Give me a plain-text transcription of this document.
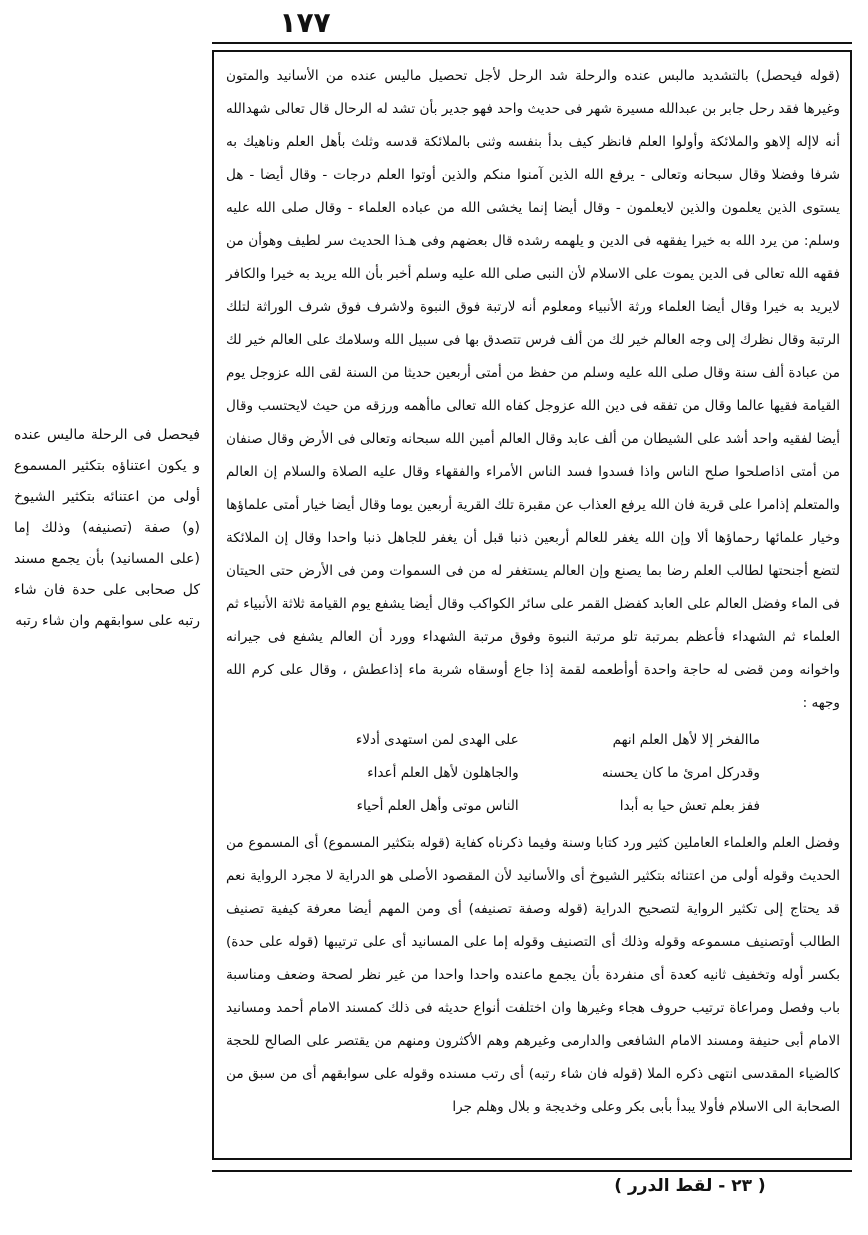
١٧٧

(قوله فيحصل) بالتشديد مالبس عنده والرحلة شد الرحل لأجل تحصيل ماليس عنده من الأسانيد والمتون وغيرها فقد رحل جابر بن عبدالله مسيرة شهر فى حديث واحد فهو جدير بأن تشد له الرحال قال تعالى شهدالله أنه لاإله إلاهو والملائكة وأولوا العلم فانظر كيف بدأ بنفسه وثنى بالملائكة قدسه وثلث بأهل العلم وناهيك به شرفا وفضلا وقال سبحانه وتعالى - يرفع الله الذين آمنوا منكم والذين أوتوا العلم درجات - وقال أيضا - هل يستوى الذين يعلمون والذين لايعلمون - وقال أيضا إنما يخشى الله من عباده العلماء - وقال صلى الله عليه وسلم: من يرد الله به خيرا يفقهه فى الدين و يلهمه رشده قال بعضهم وفى هـذا الحديث سر لطيف وهوأن من فقهه الله تعالى فى الدين يموت على الاسلام لأن النبى صلى الله عليه وسلم أخبر بأن الله يريد به خيرا والكافر لايريد به خيرا وقال أيضا العلماء ورثة الأنبياء ومعلوم أنه لارتبة فوق النبوة ولاشرف فوق شرف الوراثة لتلك الرتبة وقال نظرك إلى وجه العالم خير لك من ألف فرس تتصدق بها فى سبيل الله وسلامك على العالم خير لك من عبادة ألف سنة وقال صلى الله عليه وسلم من حفظ من أمتى أربعين حديثا من السنة لقى الله عزوجل يوم القيامة فقيها عالما وقال من تفقه فى دين الله عزوجل كفاه الله تعالى ماأهمه ورزقه من حيث لايحتسب وقال أيضا لفقيه واحد أشد على الشيطان من ألف عابد وقال العالم أمين الله سبحانه وتعالى فى الأرض وقال صنفان من أمتى اذاصلحوا صلح الناس واذا فسدوا فسد الناس الأمراء والفقهاء وقال عليه الصلاة والسلام إن العالم والمتعلم إذامرا على قرية فان الله يرفع العذاب عن مقبرة تلك القرية أربعين يوما وقال أيضا خيار أمتى علماؤها وخيار علمائها رحماؤها ألا وإن الله يغفر للعالم أربعين ذنبا قبل أن يغفر للجاهل ذنبا واحدا وقال إن الملائكة لتضع أجنحتها لطالب العلم رضا بما يصنع وإن العالم يستغفر له من فى السموات ومن فى الأرض حتى الحيتان فى الماء وفضل العالم على العابد كفضل القمر على سائر الكواكب وقال أيضا يشفع يوم القيامة ثلاثة الأنبياء ثم العلماء ثم الشهداء فأعظم بمرتبة تلو مرتبة النبوة وفوق مرتبة الشهداء وورد أن العالم يشفع فى جيرانه واخوانه ومن قضى له حاجة واحدة أوأطعمه لقمة إذا جاع أوسقاه شربة ماء إذاعطش ، وقال على كرم الله وجهه :

ماالفخر إلا لأهل العلم انهم
على الهدى لمن استهدى أدلاء
وقدركل امرئ ما كان يحسنه
والجاهلون لأهل العلم أعداء
ففز بعلم تعش حيا به أبدا
الناس موتى وأهل العلم أحياء

وفضل العلم والعلماء العاملين كثير ورد كتابا وسنة وفيما ذكرناه كفاية (قوله بتكثير المسموع) أى المسموع من الحديث وقوله أولى من اعتنائه بتكثير الشيوخ أى والأسانيد لأن المقصود الأصلى هو الدراية لا مجرد الرواية نعم قد يحتاج إلى تكثير الرواية لتصحيح الدراية (قوله وصفة تصنيفه) أى ومن المهم أيضا معرفة كيفية تصنيف الطالب أوتصنيف مسموعه وقوله وذلك أى التصنيف وقوله إما على المسانيد أى على ترتيبها (قوله على حدة) بكسر أوله وتخفيف ثانيه كعدة أى منفردة بأن يجمع ماعنده واحدا واحدا من غير نظر لصحة وضعف ومناسبة باب وفصل ومراعاة ترتيب حروف هجاء وغيرها وان اختلفت أنواع حديثه فى ذلك كمسند الامام أحمد ومسانيد الامام أبى حنيفة ومسند الامام الشافعى والدارمى وغيرهم وهم الأكثرون ومنهم من يقتصر على الصالح للحجة كالضياء المقدسى انتهى ذكره الملا (قوله فان شاء رتبه) أى رتب مسنده وقوله على سوابقهم أى من سبق من الصحابة الى الاسلام فأولا يبدأ بأبى بكر وعلى وخديجة و بلال وهلم جرا

فيحصل فى الرحلة ماليس عنده و يكون اعتناؤه بتكثير المسموع أولى من اعتنائه بتكثير الشيوخ (و) صفة (تصنيفه) وذلك إما (على المسانيد) بأن يجمع مسند كل صحابى على حدة فان شاء رتبه على سوابقهم وان شاء رتبه
( ٢٣ - لقط الدرر )
